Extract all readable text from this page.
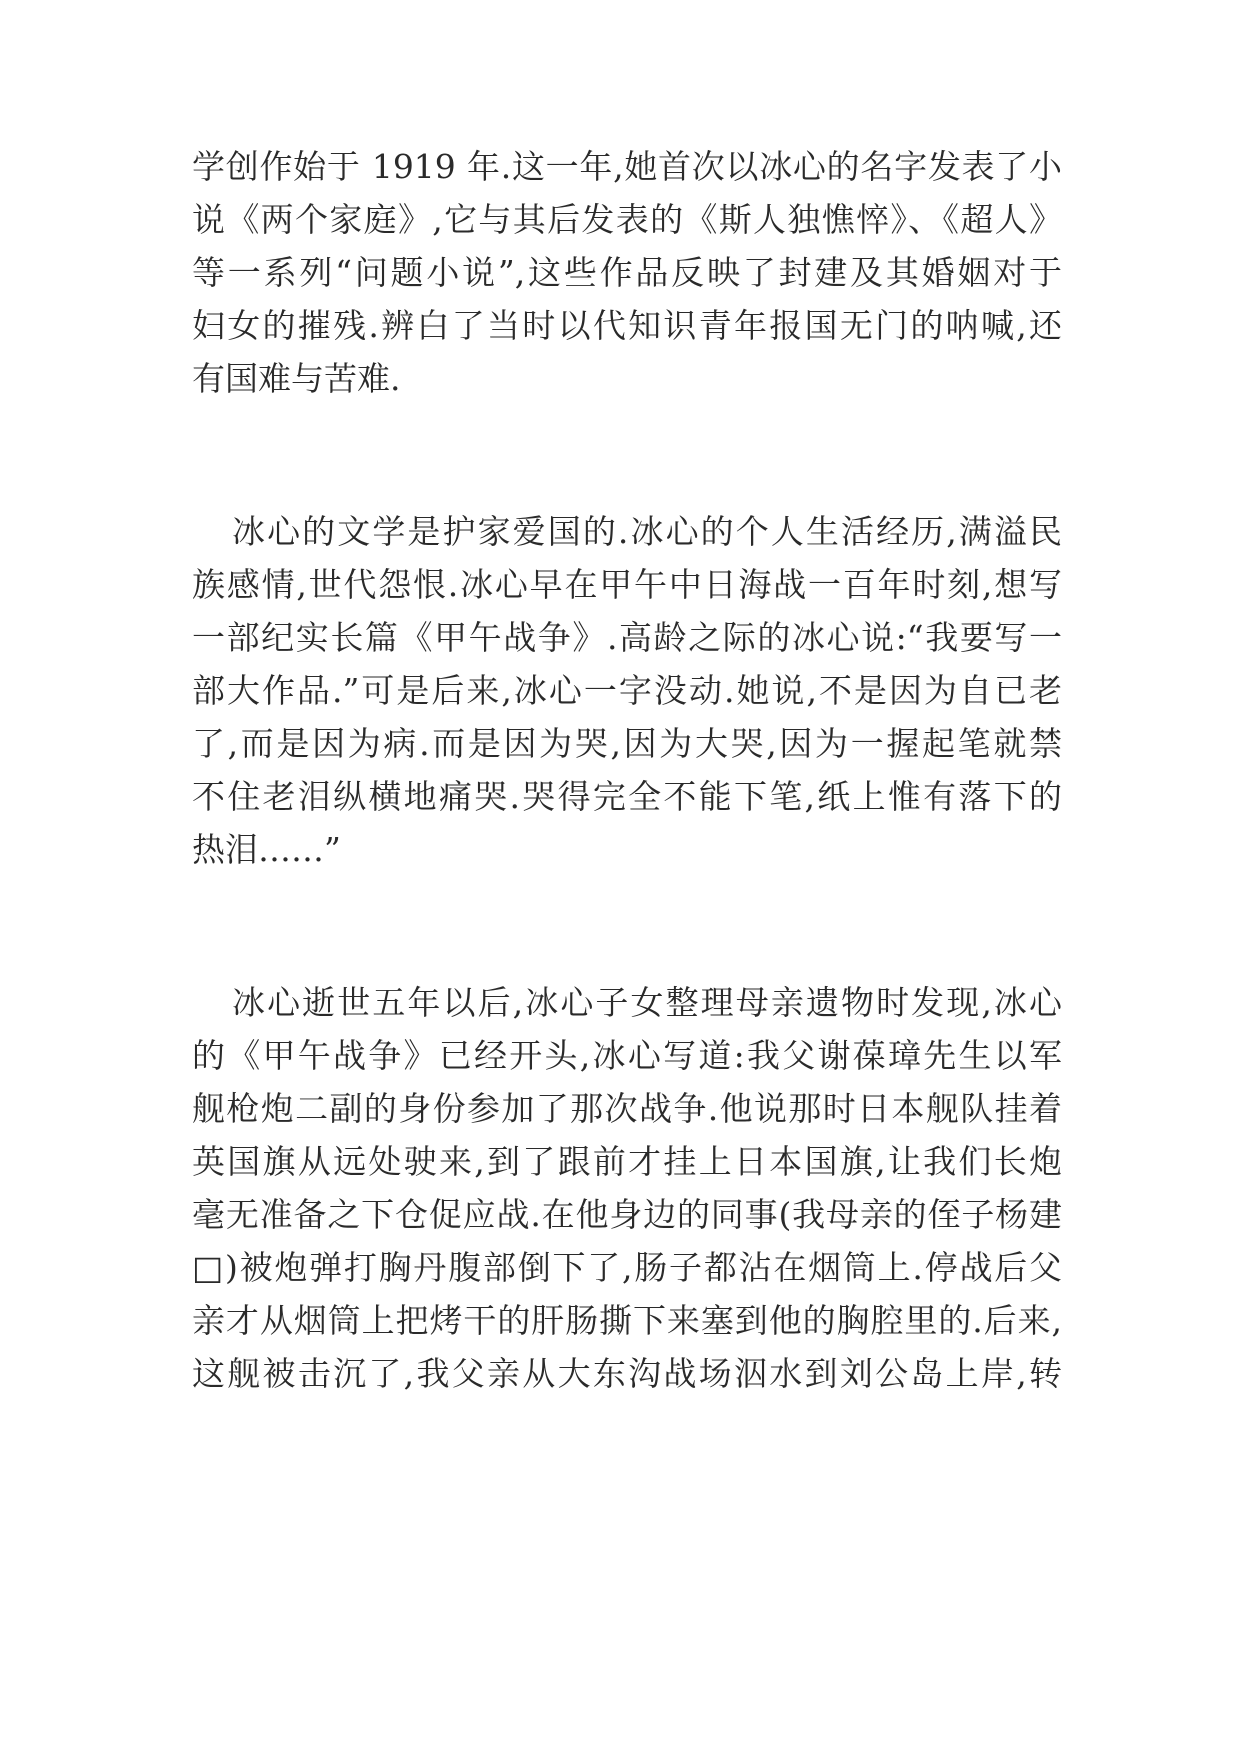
学创作始于 1919 年.这一年,她首次以冰心的名字发表了小
说《两个家庭》,它与其后发表的《斯人独憔悴》、《超人》
等一系列“问题小说”,这些作品反映了封建及其婚姻对于
妇女的摧残.辨白了当时以代知识青年报国无门的呐喊,还
有国难与苦难.
冰心的文学是护家爱国的.冰心的个人生活经历,满溢民
族感情,世代怨恨.冰心早在甲午中日海战一百年时刻,想写
一部纪实长篇《甲午战争》.高龄之际的冰心说:“我要写一
部大作品.”可是后来,冰心一字没动.她说,不是因为自已老
了,而是因为病.而是因为哭,因为大哭,因为一握起笔就禁
不住老泪纵横地痛哭.哭得完全不能下笔,纸上惟有落下的
热泪……”
冰心逝世五年以后,冰心子女整理母亲遗物时发现,冰心
的《甲午战争》已经开头,冰心写道:我父谢葆璋先生以军
舰枪炮二副的身份参加了那次战争.他说那时日本舰队挂着
英国旗从远处驶来,到了跟前才挂上日本国旗,让我们长炮
毫无准备之下仓促应战.在他身边的同事(我母亲的侄子杨建
□)被炮弹打胸丹腹部倒下了,肠子都沾在烟筒上.停战后父
亲才从烟筒上把烤干的肝肠撕下来塞到他的胸腔里的.后来,
这舰被击沉了,我父亲从大东沟战场泅水到刘公岛上岸,转
